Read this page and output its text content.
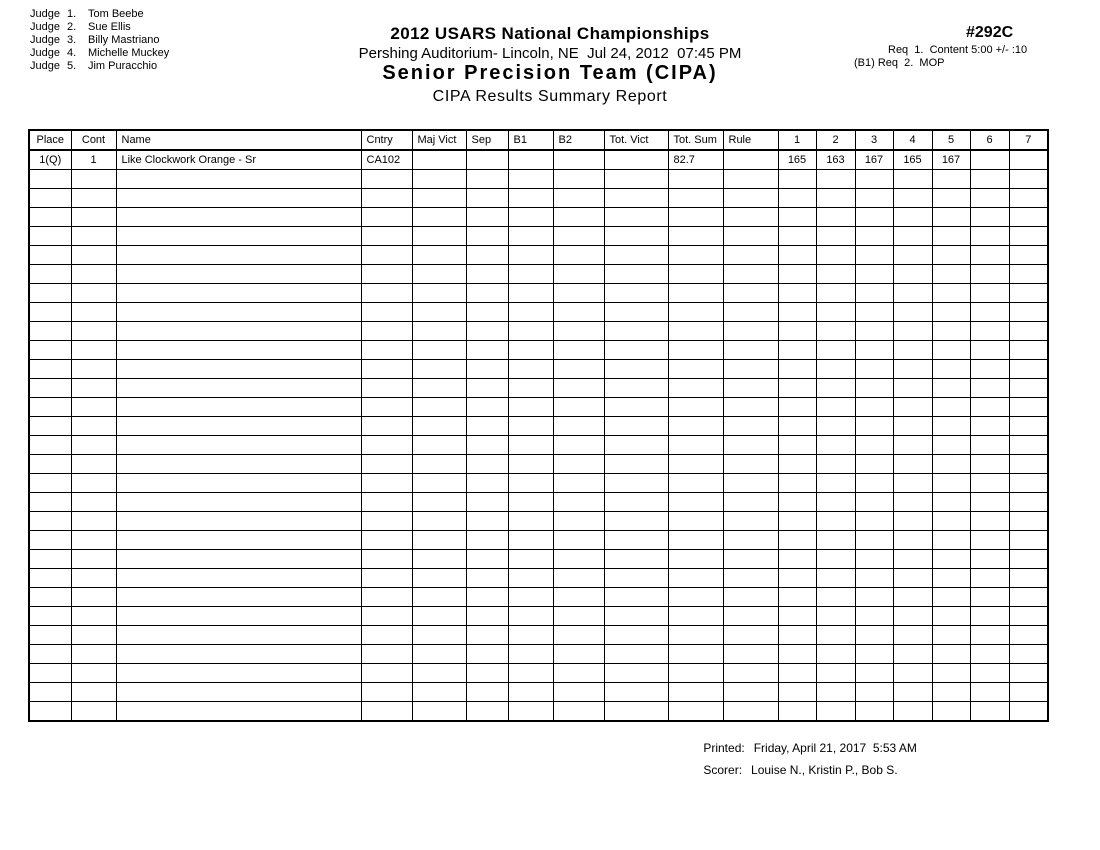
Judge 1.	Tom Beebe
Judge 2.	Sue Ellis
Judge 3.	Billy Mastriano
Judge 4.	Michelle Muckey
Judge 5.	Jim Puracchio
2012 USARS National Championships
Pershing Auditorium- Lincoln, NE  Jul 24, 2012  07:45 PM
Senior Precision Team (CIPA)
CIPA Results Summary Report
#292C
Req  1.  Content 5:00 +/- :10
(B1) Req  2.  MOP
Place	Cont	Name	Cntry	Maj Vict	Sep	B1	B2	Tot. Vict	Tot. Sum	Rule	1	2	3	4	5	6	7
1(Q)	1	Like Clockwork Orange - Sr	CA102						82.7		165	163	167	165	167		

Printed: Friday, April 21, 2017  5:53 AM

Scorer: Louise N., Kristin P., Bob S.
